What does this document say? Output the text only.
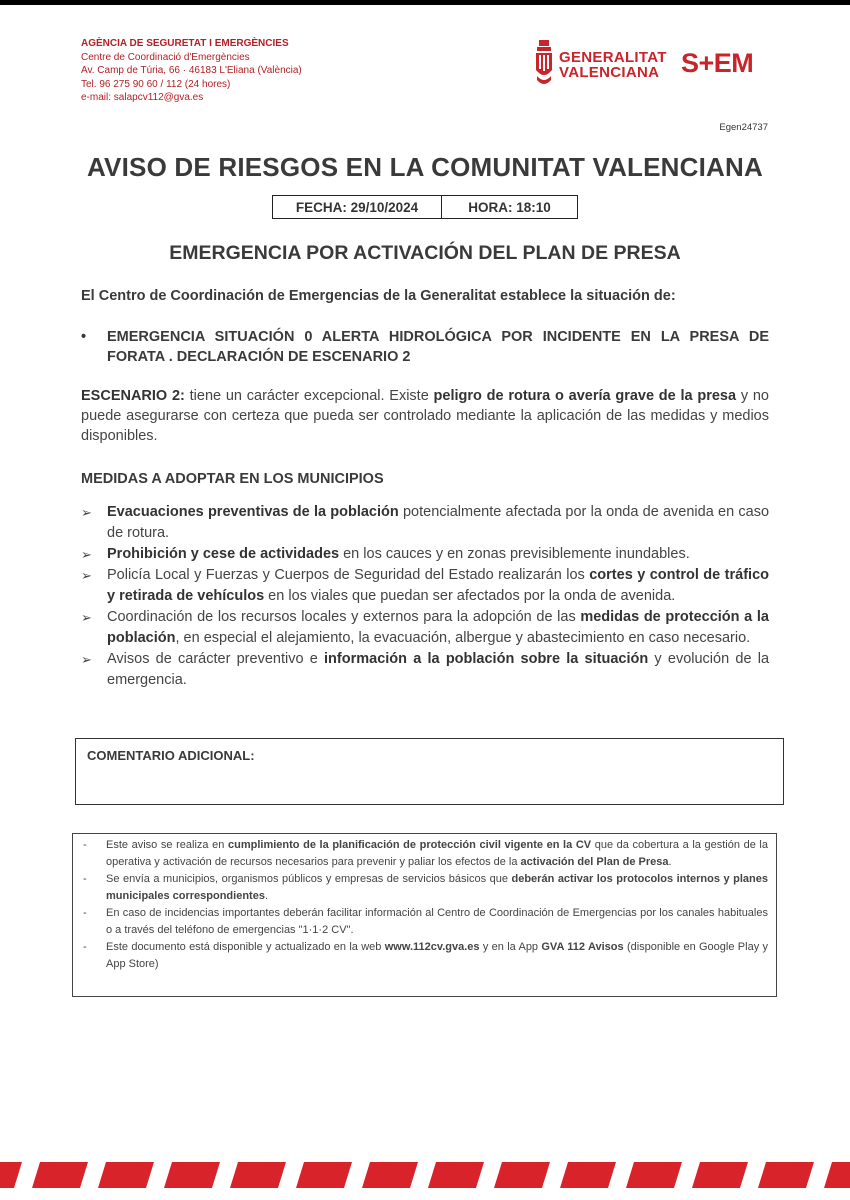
AGÈNCIA DE SEGURETAT I EMERGÈNCIES
Centre de Coordinació d'Emergències
Av. Camp de Túria, 66 · 46183 L'Eliana (València)
Tel. 96 275 90 60 / 112 (24 hores)
e-mail: salapcv112@gva.es
GENERALITAT
VALENCIANA S+EM
Egen24737
AVISO DE RIESGOS EN LA COMUNITAT VALENCIANA
FECHA: 29/10/2024	HORA: 18:10
EMERGENCIA POR ACTIVACIÓN DEL PLAN DE PRESA
El Centro de Coordinación de Emergencias de la Generalitat establece la situación de:
• EMERGENCIA SITUACIÓN 0 ALERTA HIDROLÓGICA POR INCIDENTE EN LA PRESA DE FORATA . DECLARACIÓN DE ESCENARIO 2
ESCENARIO 2: tiene un carácter excepcional. Existe peligro de rotura o avería grave de la presa y no puede asegurarse con certeza que pueda ser controlado mediante la aplicación de las medidas y medios disponibles.
MEDIDAS A ADOPTAR EN LOS MUNICIPIOS
➢ Evacuaciones preventivas de la población potencialmente afectada por la onda de avenida en caso de rotura.
➢ Prohibición y cese de actividades en los cauces y en zonas previsiblemente inundables.
➢ Policía Local y Fuerzas y Cuerpos de Seguridad del Estado realizarán los cortes y control de tráfico y retirada de vehículos en los viales que puedan ser afectados por la onda de avenida.
➢ Coordinación de los recursos locales y externos para la adopción de las medidas de protección a la población, en especial el alejamiento, la evacuación, albergue y abastecimiento en caso necesario.
➢ Avisos de carácter preventivo e información a la población sobre la situación y evolución de la emergencia.
COMENTARIO ADICIONAL:
- Este aviso se realiza en cumplimiento de la planificación de protección civil vigente en la CV que da cobertura a la gestión de la operativa y activación de recursos necesarios para prevenir y paliar los efectos de la activación del Plan de Presa.
- Se envía a municipios, organismos públicos y empresas de servicios básicos que deberán activar los protocolos internos y planes municipales correspondientes.
- En caso de incidencias importantes deberán facilitar información al Centro de Coordinación de Emergencias por los canales habituales o a través del teléfono de emergencias "1·1·2 CV".
- Este documento está disponible y actualizado en la web www.112cv.gva.es y en la App GVA 112 Avisos (disponible en Google Play y App Store)
